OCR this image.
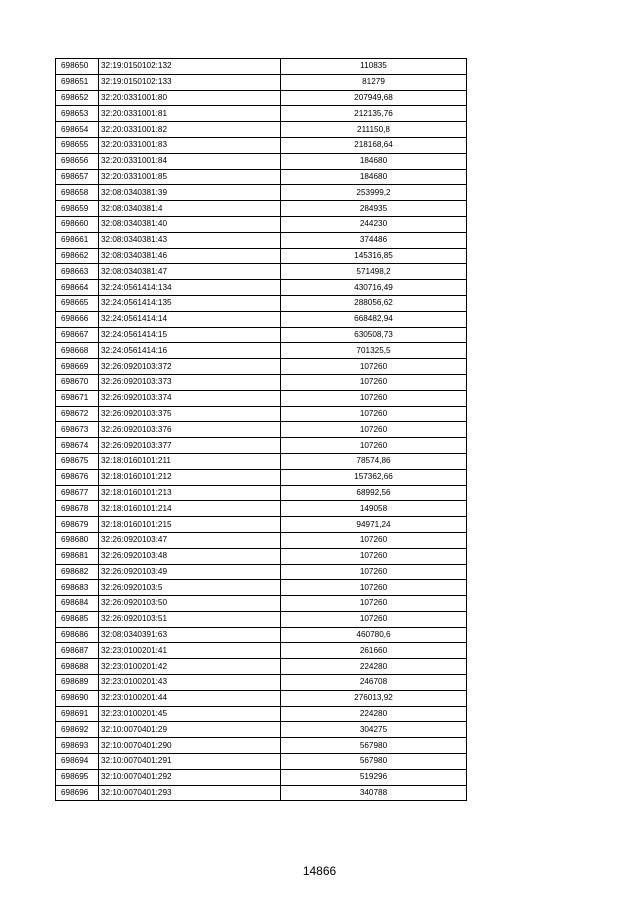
698650	32:19:0150102:132	110835
698651	32:19:0150102:133	81279
698652	32:20:0331001:80	207949,68
698653	32:20:0331001:81	212135,76
698654	32:20:0331001:82	211150,8
698655	32:20:0331001:83	218168,64
698656	32:20:0331001:84	184680
698657	32:20:0331001:85	184680
698658	32:08:0340381:39	253999,2
698659	32:08:0340381:4	284935
698660	32:08:0340381:40	244230
698661	32:08:0340381:43	374486
698662	32:08:0340381:46	145316,85
698663	32:08:0340381:47	571498,2
698664	32:24:0561414:134	430716,49
698665	32:24:0561414:135	288056,62
698666	32:24:0561414:14	668482,94
698667	32:24:0561414:15	630508,73
698668	32:24:0561414:16	701325,5
698669	32:26:0920103:372	107260
698670	32:26:0920103:373	107260
698671	32:26:0920103:374	107260
698672	32:26:0920103:375	107260
698673	32:26:0920103:376	107260
698674	32:26:0920103:377	107260
698675	32:18:0160101:211	78574,86
698676	32:18:0160101:212	157362,66
698677	32:18:0160101:213	68992,56
698678	32:18:0160101:214	149058
698679	32:18:0160101:215	94971,24
698680	32:26:0920103:47	107260
698681	32:26:0920103:48	107260
698682	32:26:0920103:49	107260
698683	32:26:0920103:5	107260
698684	32:26:0920103:50	107260
698685	32:26:0920103:51	107260
698686	32:08:0340391:63	460780,6
698687	32:23:0100201:41	261660
698688	32:23:0100201:42	224280
698689	32:23:0100201:43	246708
698690	32:23:0100201:44	276013,92
698691	32:23:0100201:45	224280
698692	32:10:0070401:29	304275
698693	32:10:0070401:290	567980
698694	32:10:0070401:291	567980
698695	32:10:0070401:292	519296
698696	32:10:0070401:293	340788
14866
